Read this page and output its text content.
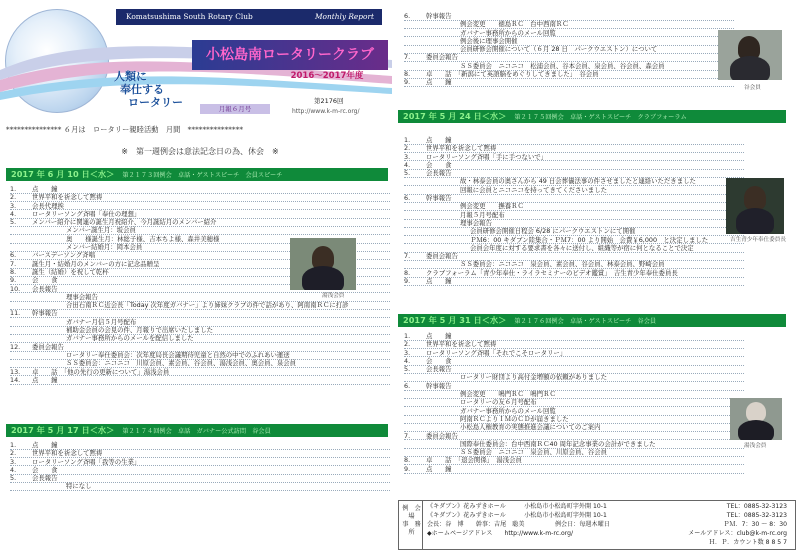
Komatsushima South Rotary Club	Monthly Report
小松島南ロータリークラブ
2016～2017年度
人類に
奉仕する
ロータリー	月報６月号
第2176回
http://www.k-m-rc.org/
*************** ６月は　ロータリー親睦活動　月間　***************
※　第一週例会は意法記念日の為、休会　※
2017 年 6 月 10 日＜水＞ 第２１７３回例会　卓話・ゲストスピーチ　会員スピーチ
1. 点　　鐘
2. 世界平和を祈念して黙祷
3. 会長代理挨
4. ロータリーソング斉唱「奉仕の理想」
5. メンバー紹介に関連の誕生月祝紹介、今月誕結月のメンバー紹介
メンバー誕生月：坂会員
奥　　様誕生月：林総子様、吉本ちよ様、森井美穂様
メンバー結婚月：岡本会員
6. バースデーソング斉唱
7. 誕生月・結婚月のメンバーの方に記念品贈呈
8. 誕生（結婚）を祝して乾杯
9. 会　　食
10. 会長報告
理事会報告
合田石南ＲＣ近会長「Today 次年度ガバナー」より姉妹クラブの件で話があり、阿南南ＲＣに打診
11. 幹事報告
ガバナー月信５月号配布
補助金会員の会見の件、月報りで出席いたしました
ガバナー事務所からのメールを配信しました
12. 委員会報告
ロータリー奉仕委員会：次年度局長会議期待児童と自然の中でのふれあい運送
ＳＳ委員会：ニコニコ　川原会員、素会員、谷会員、湯浅会員、奥会員、泉会員
13. 卓　　話　「他の先行の更新について」湯浅会員
14. 点　　鐘
湯浅会員
2017 年 5 月 17 日＜水＞ 第２１７４回例会　卓話　ガバナー公式訪問　谷会員
1. 点　　鐘
2. 世界平和を祈念して黙祷
3. ロータリーソング斉唱「我等の生業」
4. 会　　食
5. 会長報告
特になし
6. 幹事報告
例会変更　　徳島ＲＣ　台中西南ＲＣ
ガバナー事務所からのメール回覧
例会後に理事会開催
会員研修会開催について（６月 28 日　パークウエストン）について
7. 委員会報告
ＳＳ委員会　ニコニコ　松浦会員、谷本会員、泉会員、谷会員、森会員
8. 卓　　話　「新潟にて英語脳をめぐりしてきました」　谷会員
9. 点　　鐘
谷会員
2017 年 5 月 24 日＜水＞ 第２１７５回例会　卓話・ゲストスピーチ　クラブフォーラム
1. 点　　鐘
2. 世界平和を祈念して黙祷
3. ロータリーソング斉唱「手に手つないで」
4. 会　　食
5. 会長報告
故・林泰会員の奥さんから 49 日会葬儀法事の件させましたと連絡いただきました
回報に会員とニコニコを持ってきてくださいました
6. 幹事報告
例会変更　　撫養ＲＣ
月報５月号配布
理事会報告
会員研修会開催日程会 6/28 にパークウエストンにて開催
ＰＭ6：00 キダブン陸集合・ＰＭ7：00 より開始　会費￥6,000　と決定しました
会員会年度に対する要求書を各々に送付し、組織等が宿に何となることで決定
7. 委員会報告
ＳＳ委員会：ニコニコ　泉会員、素会員、谷会員、林泰会員、野崎会員
8. クラブフォーラム「青少年奉仕・ライラセミナーのビデオ鑑賞」　吉生青少年奉仕委員長
9. 点　　鐘
吉生青少年奉仕委員長
2017 年 5 月 31 日＜水＞ 第２１７６回例会　卓話・ゲストスピーチ　谷会員
1. 点　　鐘
2. 世界平和を祈念して黙祷
3. ロータリーソング斉唱「それでこそロータリー」
4. 会　　食
5. 会長報告
ロータリー財団より高付金増額の依頼がありました
6. 幹事報告
例会変更　　鳴門ＲＣ　鳴門ＲＣ
ロータリーの友６月号配布
ガバナー事務所からのメール回覧
阿南ＲＣよりＩＭのＣＤが届きました
小松島人権教育の実態推進会議についてのご案内
7. 委員会報告
国際奉仕委員会：台中西南ＲＣ40 周年記念事業の会計ができました
ＳＳ委員会　ニコニコ　泉会員、川原会員、谷会員
8. 卓　　話　「退会関係」　湯浅会員
9. 点　　鐘
湯浅会員
例　会　場
事　務　所
《キダブン》花みずきホール　　　小松島市小松島町字外開 10-1	TEL：0885-32-3123
《キダブン》花みずきホール　　　小松島市小松島町字外開 10-1	TEL：0885-32-3123
会長：谷　博　　幹事：吉尾　聡美　　　　　例会日：毎週木曜日	ＰＭ．7：30 ～ 8：30
◆ホームページアドレス　　http://www.k-m-rc.org/	メールアドレス：club@k-m-rc.org
Ｈ．Ｐ．カウント数 8 8 5 7
